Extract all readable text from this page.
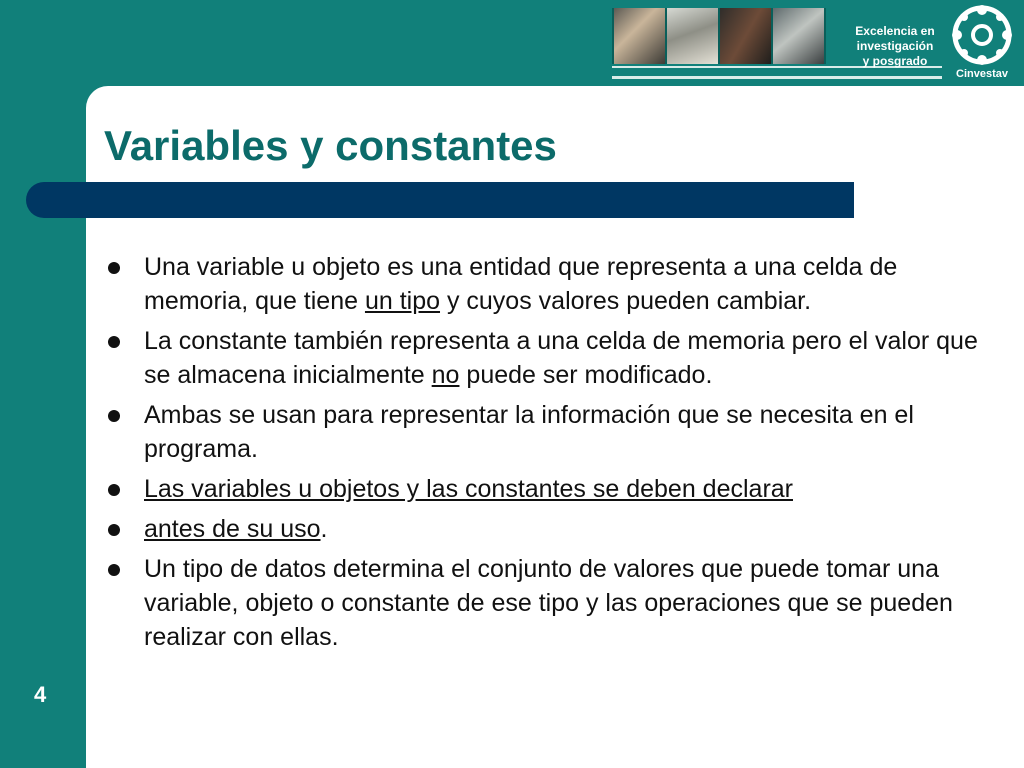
Excelencia en
investigación
y posgrado
Cinvestav
Variables y constantes
Una variable u objeto es una entidad que representa a una celda de memoria, que tiene un tipo y cuyos valores pueden cambiar.
La constante también representa a una celda de memoria pero el valor que se almacena inicialmente no puede ser modificado.
Ambas se usan para representar la información que se necesita en el programa.
Las variables u objetos y las constantes se deben declarar
antes de su uso.
Un tipo de datos determina el conjunto de valores que puede tomar una variable, objeto o constante de ese tipo y las operaciones que se pueden realizar con ellas.
4
